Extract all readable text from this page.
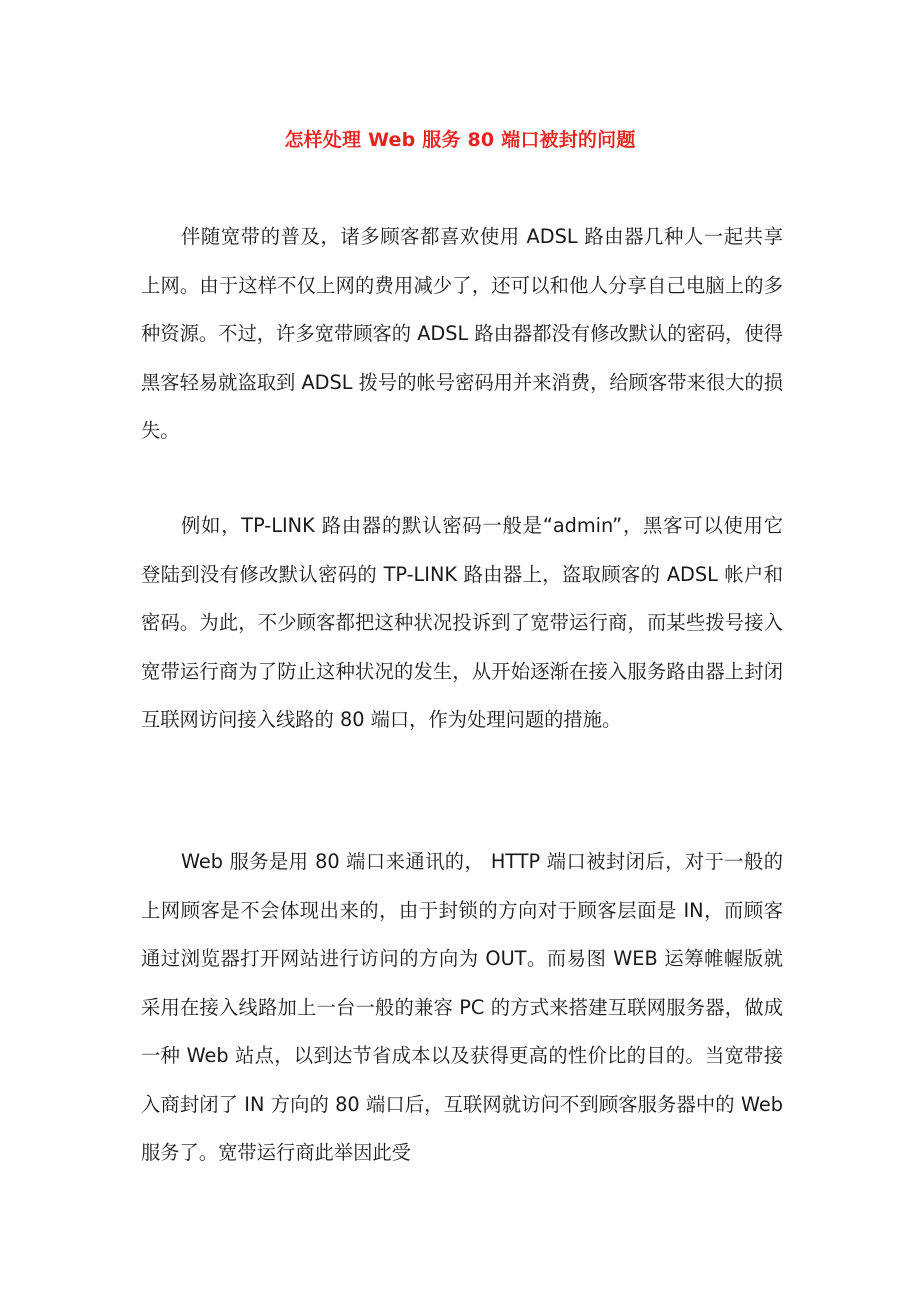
怎样处理 Web 服务 80 端口被封的问题

伴随宽带的普及，诸多顾客都喜欢使用 ADSL 路由器几种人一起共享上网。由于这样不仅上网的费用减少了，还可以和他人分享自己电脑上的多种资源。不过，许多宽带顾客的 ADSL 路由器都没有修改默认的密码，使得黑客轻易就盗取到 ADSL 拨号的帐号密码用并来消费，给顾客带来很大的损失。

例如，TP-LINK 路由器的默认密码一般是“admin”，黑客可以使用它登陆到没有修改默认密码的 TP-LINK 路由器上，盗取顾客的 ADSL 帐户和密码。为此，不少顾客都把这种状况投诉到了宽带运行商，而某些拨号接入宽带运行商为了防止这种状况的发生，从开始逐渐在接入服务路由器上封闭互联网访问接入线路的 80 端口，作为处理问题的措施。

Web 服务是用 80 端口来通讯的， HTTP 端口被封闭后，对于一般的上网顾客是不会体现出来的，由于封锁的方向对于顾客层面是 IN，而顾客通过浏览器打开网站进行访问的方向为 OUT。而易图 WEB 运筹帷幄版就采用在接入线路加上一台一般的兼容 PC 的方式来搭建互联网服务器，做成一种 Web 站点，以到达节省成本以及获得更高的性价比的目的。当宽带接入商封闭了 IN 方向的 80 端口后，互联网就访问不到顾客服务器中的 Web 服务了。宽带运行商此举因此受
